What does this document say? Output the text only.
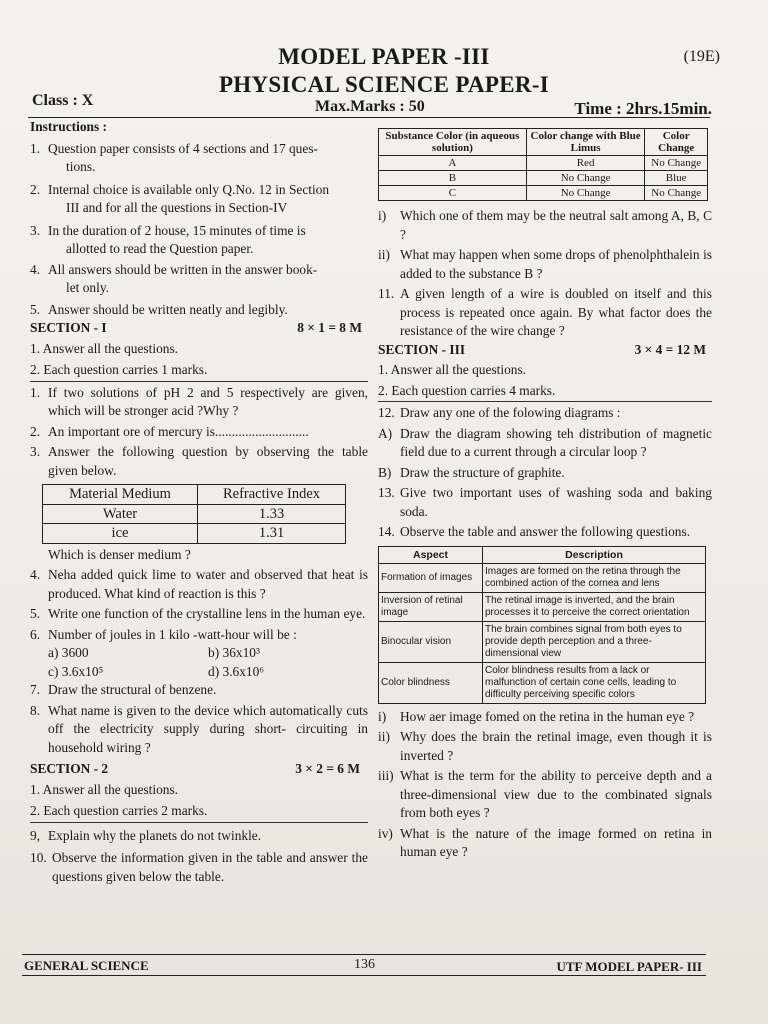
(19E)
MODEL PAPER -III
PHYSICAL SCIENCE PAPER-I
Class : X	Max.Marks : 50	Time : 2hrs.15min.
Instructions :
1. Question paper consists of 4 sections and 17 ques-
tions.
2. Internal choice is available only Q.No. 12 in Section
III and for all the questions in Section-IV
3. In the duration of 2 house, 15 minutes of time is
allotted to read the Question paper.
4. All answers should be written in the answer book-
let only.
5. Answer should be written neatly and legibly.
SECTION - I	8 × 1 = 8 M
1. Answer all the questions.
2. Each question carries 1 marks.
1. If two solutions of pH 2 and 5 respectively are given, which will be stronger acid ?Why ?
2. An important ore of mercury is............................
3. Answer the following question by observing the table given below.
Material Medium	Refractive Index
Water	1.33
ice	1.31
Which is denser medium ?
4. Neha added quick lime to water and observed that heat is produced. What kind of reaction is this ?
5. Write one function of the crystalline lens in the human eye.
6. Number of joules in 1 kilo -watt-hour will be :
a) 3600	b) 36x10³
c) 3.6x10⁵	d) 3.6x10⁶
7. Draw the structural of benzene.
8. What name is given to the device which automatically cuts off the electricity supply during short- circuiting in household wiring ?
SECTION - 2	3 × 2 = 6 M
1. Answer all the questions.
2. Each question carries 2 marks.
9, Explain why the planets do not twinkle.
10. Observe the information given in the table and answer the questions given below the table.
Substance Color (in aqueous solution)	Color change with Blue Limus	Color Change
A	Red	No Change
B	No Change	Blue
C	No Change	No Change
i)	Which one of them may be the neutral salt among A, B, C ?
ii) What may happen when some drops of phenolphthalein is added to the substance B ?
11. A given length of a wire is doubled on itself and this process is repeated once again. By what factor does the resistance of the wire change ?
SECTION - III	3 × 4 = 12 M
1. Answer all the questions.
2. Each question carries 4 marks.
12. Draw any one of the folowing diagrams :
A) Draw the diagram showing teh distribution of magnetic field due to a current through a circular loop ?
B) Draw the structure of graphite.
13. Give two important uses of washing soda and baking soda.
14. Observe the table and answer the following questions.
Aspect	Description
Formation of images	Images are formed on the retina through the combined action of the cornea and lens
Inversion of retinal image	The retinal image is inverted, and the brain processes it to perceive the correct orientation
Binocular vision	The brain combines signal from both eyes to provide depth perception and a three-dimensional view
Color blindness	Color blindness results from a lack or malfunction of certain cone cells, leading to difficulty perceiving specific colors
i)	How aer image fomed on the retina in the human eye ?
ii) Why does the brain the retinal image, even though it is inverted ?
iii) What is the term for the ability to perceive depth and a three-dimensional view due to the combinated signals from both eyes ?
iv) What is the nature of the image formed on retina in human eye ?
GENERAL SCIENCE	136	UTF MODEL PAPER- III
